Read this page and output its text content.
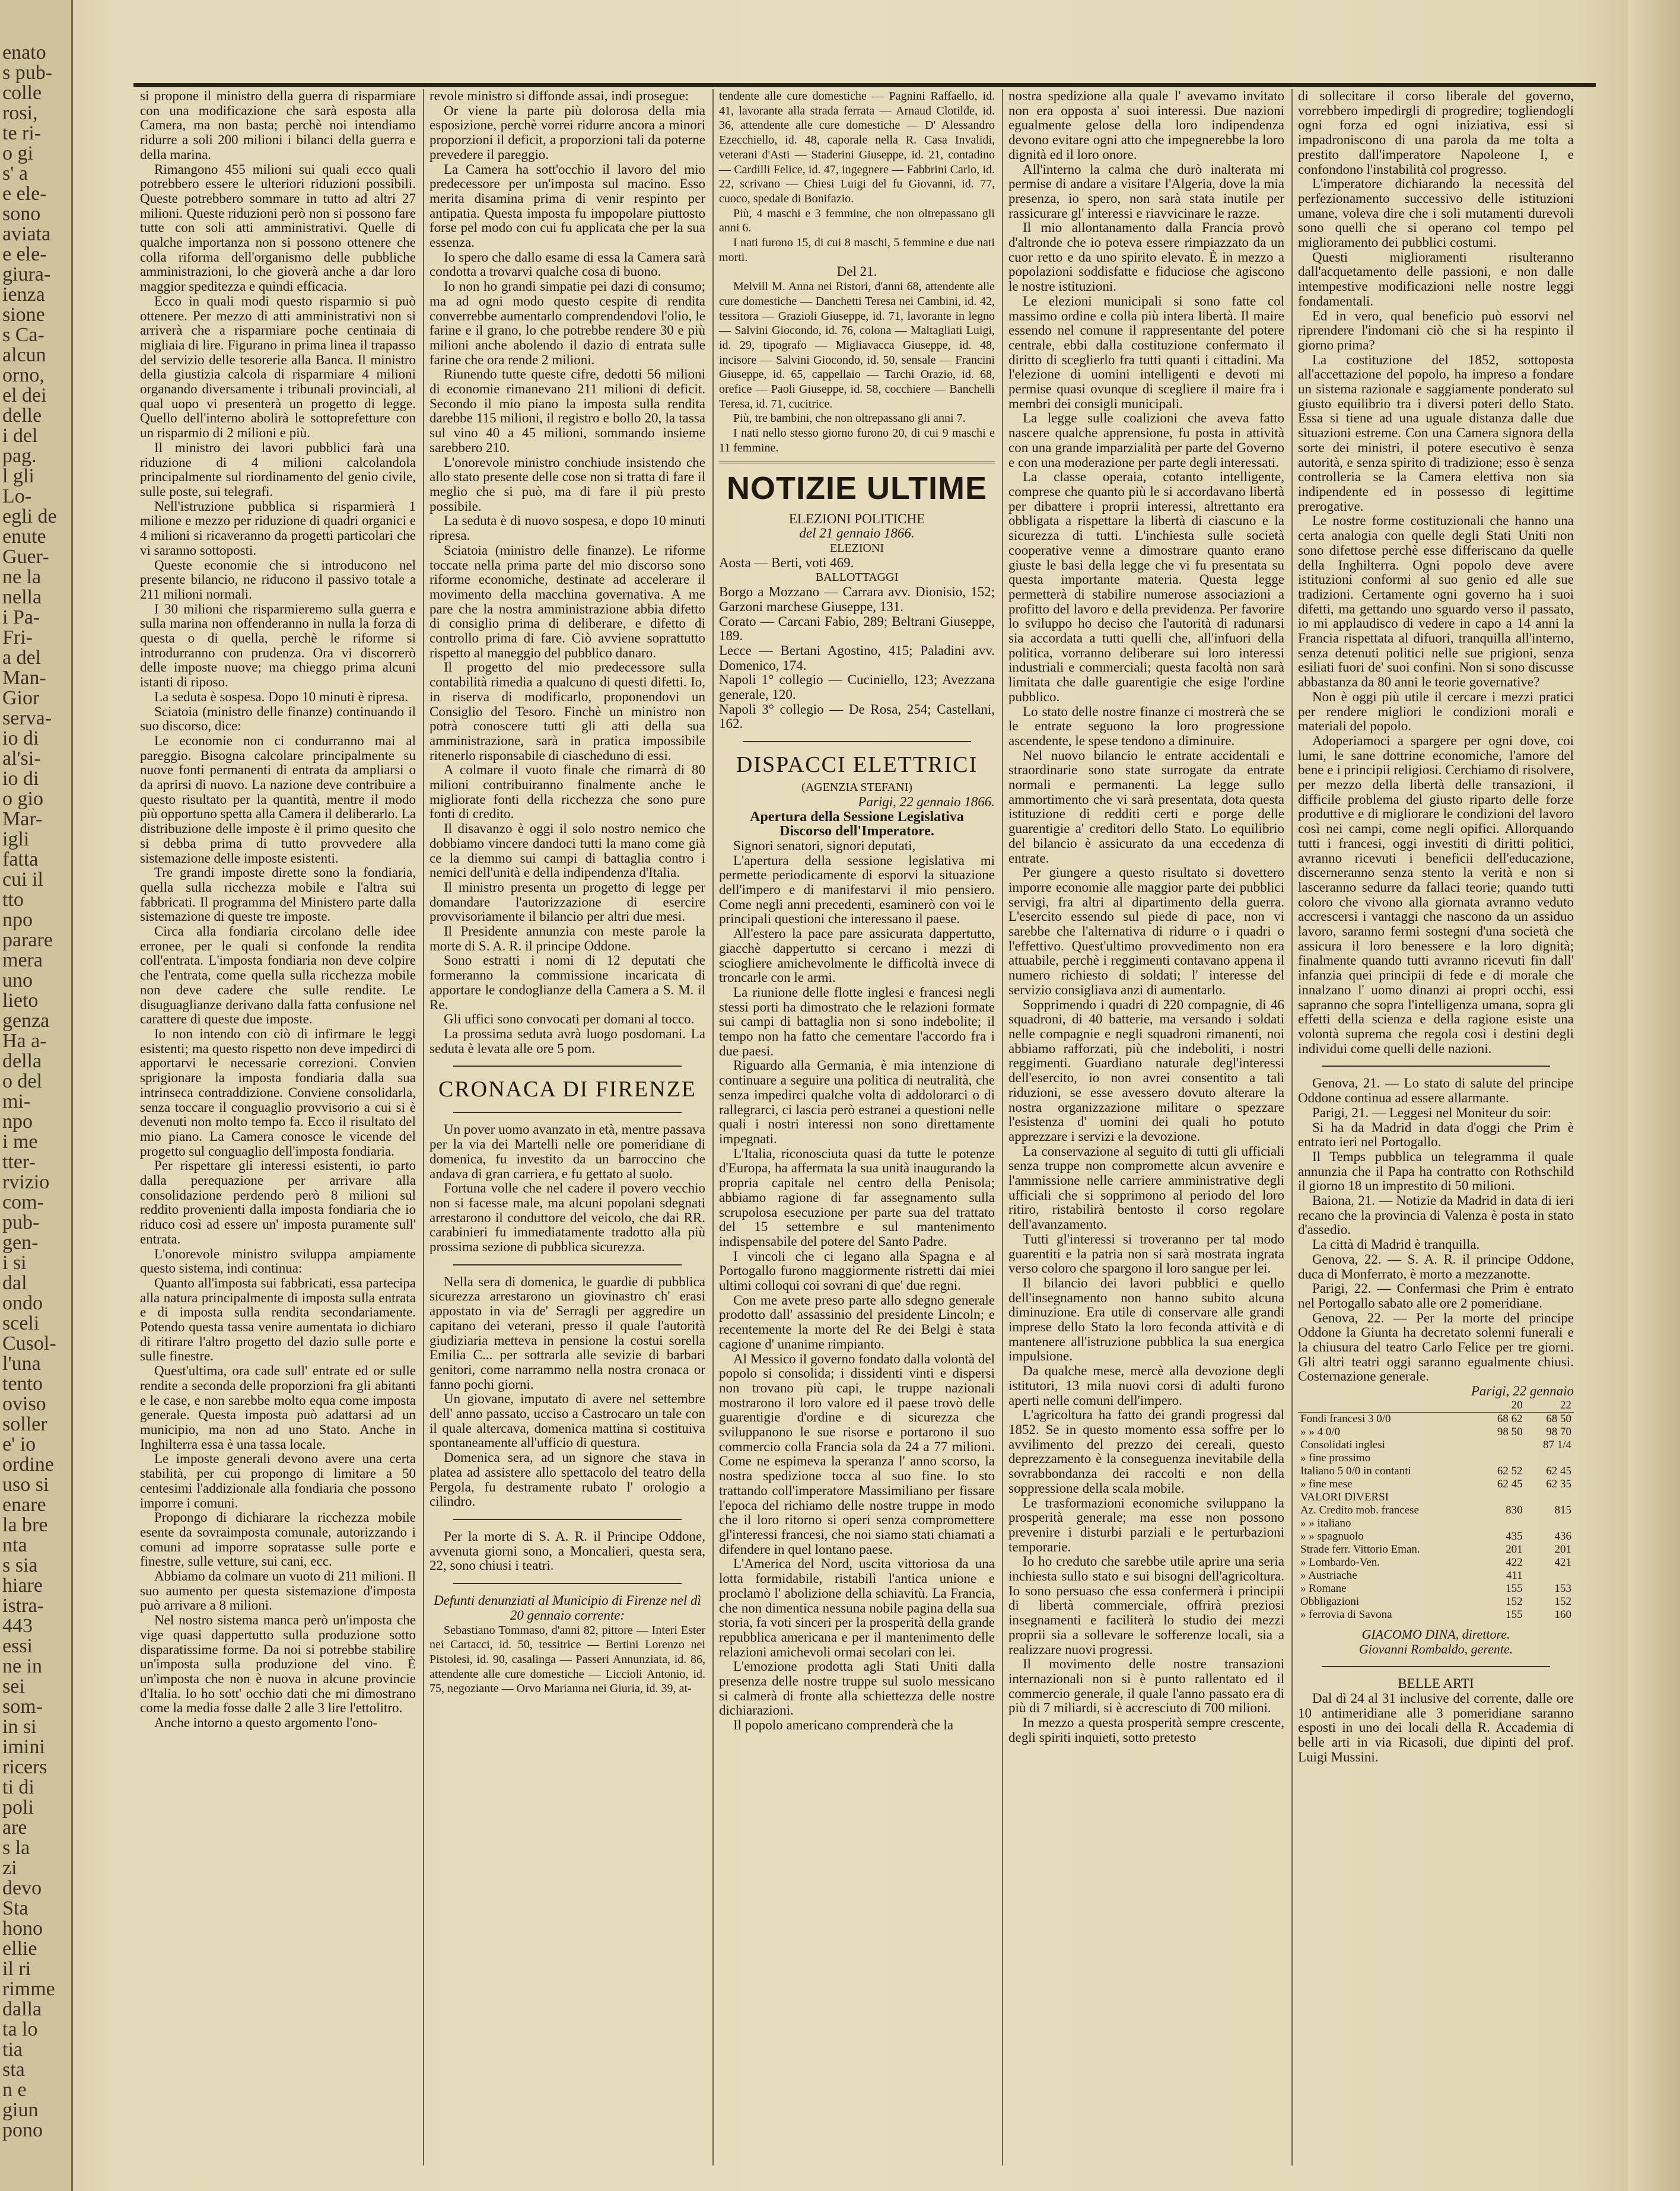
enato
s pub-
colle
rosi,
te ri-
o gi
s' a
e ele-
sono
aviata
e ele-
giura-
ienza
sione
s Ca-
alcun
orno,
el dei
delle
i del
pag.
l gli
Lo-
egli de
enute
Guer-
ne la
nella
i Pa-
Fri-
a del
Man-
Gior
serva-
io di
al'si-
io di
o gio
Mar-
igli
fatta
cui il
tto
npo
parare
mera
uno
lieto
genza
Ha a-
della
o del
mi-
npo
i me
tter-
rvizio
com-
pub-
gen-
i si
dal
ondo
sceli
Cusol-
l'una
tento
oviso
soller
e' io
ordine
uso si
enare
la bre
nta
s sia
hiare
istra-
443
essi
ne in
sei
som-
in si
imini
ricers
ti di
poli
are
s la
zi
devo
Sta
hono
ellie
il ri
rimme
dalla
ta lo
tia
sta
n e
giun
pono

si propone il ministro della guerra di risparmiare con una modificazione che sarà esposta alla Camera, ma non basta; perchè noi intendiamo ridurre a soli 200 milioni i bilanci della guerra e della marina.

Rimangono 455 milioni sui quali ecco quali potrebbero essere le ulteriori riduzioni possibili. Queste potrebbero sommare in tutto ad altri 27 milioni. Queste riduzioni però non si possono fare tutte con soli atti amministrativi. Quelle di qualche importanza non si possono ottenere che colla riforma dell'organismo delle pubbliche amministrazioni, lo che gioverà anche a dar loro maggior speditezza e quindi efficacia.

Ecco in quali modi questo risparmio si può ottenere. Per mezzo di atti amministrativi non si arriverà che a risparmiare poche centinaia di migliaia di lire. Figurano in prima linea il trapasso del servizio delle tesorerie alla Banca. Il ministro della giustizia calcola di risparmiare 4 milioni organando diversamente i tribunali provinciali, al qual uopo vi presenterà un progetto di legge. Quello dell'interno abolirà le sottoprefetture con un risparmio di 2 milioni e più.

Il ministro dei lavori pubblici farà una riduzione di 4 milioni calcolandola principalmente sul riordinamento del genio civile, sulle poste, sui telegrafi.

Nell'istruzione pubblica si risparmierà 1 milione e mezzo per riduzione di quadri organici e 4 milioni si ricaveranno da progetti particolari che vi saranno sottoposti.

Queste economie che si introducono nel presente bilancio, ne riducono il passivo totale a 211 milioni normali.

I 30 milioni che risparmieremo sulla guerra e sulla marina non offenderanno in nulla la forza di questa o di quella, perchè le riforme si introdurranno con prudenza. Ora vi discorrerò delle imposte nuove; ma chieggo prima alcuni istanti di riposo.

La seduta è sospesa. Dopo 10 minuti è ripresa.

Sciatoia (ministro delle finanze) continuando il suo discorso, dice:

Le economie non ci condurranno mai al pareggio. Bisogna calcolare principalmente su nuove fonti permanenti di entrata da ampliarsi o da aprirsi di nuovo. La nazione deve contribuire a questo risultato per la quantità, mentre il modo più opportuno spetta alla Camera il deliberarlo. La distribuzione delle imposte è il primo quesito che si debba prima di tutto provvedere alla sistemazione delle imposte esistenti.

Tre grandi imposte dirette sono la fondiaria, quella sulla ricchezza mobile e l'altra sui fabbricati. Il programma del Ministero parte dalla sistemazione di queste tre imposte.

Circa alla fondiaria circolano delle idee erronee, per le quali si confonde la rendita coll'entrata. L'imposta fondiaria non deve colpire che l'entrata, come quella sulla ricchezza mobile non deve cadere che sulle rendite. Le disuguaglianze derivano dalla fatta confusione nel carattere di queste due imposte.

Io non intendo con ciò di infirmare le leggi esistenti; ma questo rispetto non deve impedirci di apportarvi le necessarie correzioni. Convien sprigionare la imposta fondiaria dalla sua intrinseca contraddizione. Conviene consolidarla, senza toccare il conguaglio provvisorio a cui si è devenuti non molto tempo fa. Ecco il risultato del mio piano. La Camera conosce le vicende del progetto sul conguaglio dell'imposta fondiaria.

Per rispettare gli interessi esistenti, io parto dalla perequazione per arrivare alla consolidazione perdendo però 8 milioni sul reddito provenienti dalla imposta fondiaria che io riduco così ad essere un' imposta puramente sull' entrata.

L'onorevole ministro sviluppa ampiamente questo sistema, indi continua:

Quanto all'imposta sui fabbricati, essa partecipa alla natura principalmente di imposta sulla entrata e di imposta sulla rendita secondariamente. Potendo questa tassa venire aumentata io dichiaro di ritirare l'altro progetto del dazio sulle porte e sulle finestre.

Quest'ultima, ora cade sull' entrate ed or sulle rendite a seconda delle proporzioni fra gli abitanti e le case, e non sarebbe molto equa come imposta generale. Questa imposta può adattarsi ad un municipio, ma non ad uno Stato. Anche in Inghilterra essa è una tassa locale.

Le imposte generali devono avere una certa stabilità, per cui propongo di limitare a 50 centesimi l'addizionale alla fondiaria che possono imporre i comuni.

Propongo di dichiarare la ricchezza mobile esente da sovraimposta comunale, autorizzando i comuni ad imporre sopratasse sulle porte e finestre, sulle vetture, sui cani, ecc.

Abbiamo da colmare un vuoto di 211 milioni. Il suo aumento per questa sistemazione d'imposta può arrivare a 8 milioni.

Nel nostro sistema manca però un'imposta che vige quasi dappertutto sulla produzione sotto disparatissime forme. Da noi si potrebbe stabilire un'imposta sulla produzione del vino. È un'imposta che non è nuova in alcune provincie d'Italia. Io ho sott' occhio dati che mi dimostrano come la media fosse dalle 2 alle 3 lire l'ettolitro.

Anche intorno a questo argomento l'ono-

revole ministro si diffonde assai, indi prosegue:

Or viene la parte più dolorosa della mia esposizione, perchè vorrei ridurre ancora a minori proporzioni il deficit, a proporzioni tali da poterne prevedere il pareggio.

La Camera ha sott'occhio il lavoro del mio predecessore per un'imposta sul macino. Esso merita disamina prima di venir respinto per antipatia. Questa imposta fu impopolare piuttosto forse pel modo con cui fu applicata che per la sua essenza.

Io spero che dallo esame di essa la Camera sarà condotta a trovarvi qualche cosa di buono.

Io non ho grandi simpatie pei dazi di consumo; ma ad ogni modo questo cespite di rendita converrebbe aumentarlo comprendendovi l'olio, le farine e il grano, lo che potrebbe rendere 30 e più milioni anche abolendo il dazio di entrata sulle farine che ora rende 2 milioni.

Riunendo tutte queste cifre, dedotti 56 milioni di economie rimanevano 211 milioni di deficit. Secondo il mio piano la imposta sulla rendita darebbe 115 milioni, il registro e bollo 20, la tassa sul vino 40 a 45 milioni, sommando insieme sarebbero 210.

L'onorevole ministro conchiude insistendo che allo stato presente delle cose non si tratta di fare il meglio che si può, ma di fare il più presto possibile.

La seduta è di nuovo sospesa, e dopo 10 minuti ripresa.

Sciatoia (ministro delle finanze). Le riforme toccate nella prima parte del mio discorso sono riforme economiche, destinate ad accelerare il movimento della macchina governativa. A me pare che la nostra amministrazione abbia difetto di consiglio prima di deliberare, e difetto di controllo prima di fare. Ciò avviene soprattutto rispetto al maneggio del pubblico danaro.

Il progetto del mio predecessore sulla contabilità rimedia a qualcuno di questi difetti. Io, in riserva di modificarlo, proponendovi un Consiglio del Tesoro. Finchè un ministro non potrà conoscere tutti gli atti della sua amministrazione, sarà in pratica impossibile ritenerlo risponsabile di ciascheduno di essi.

A colmare il vuoto finale che rimarrà di 80 milioni contribuiranno finalmente anche le migliorate fonti della ricchezza che sono pure fonti di credito.

Il disavanzo è oggi il solo nostro nemico che dobbiamo vincere dandoci tutti la mano come già ce la diemmo sui campi di battaglia contro i nemici dell'unità e della indipendenza d'Italia.

Il ministro presenta un progetto di legge per domandare l'autorizzazione di esercire provvisoriamente il bilancio per altri due mesi.

Il Presidente annunzia con meste parole la morte di S. A. R. il principe Oddone.

Sono estratti i nomi di 12 deputati che formeranno la commissione incaricata di apportare le condoglianze della Camera a S. M. il Re.

Gli uffici sono convocati per domani al tocco.

La prossima seduta avrà luogo posdomani. La seduta è levata alle ore 5 pom.

CRONACA DI FIRENZE

Un pover uomo avanzato in età, mentre passava per la via dei Martelli nelle ore pomeridiane di domenica, fu investito da un barroccino che andava di gran carriera, e fu gettato al suolo.

Fortuna volle che nel cadere il povero vecchio non si facesse male, ma alcuni popolani sdegnati arrestarono il conduttore del veicolo, che dai RR. carabinieri fu immediatamente tradotto alla più prossima sezione di pubblica sicurezza.

Nella sera di domenica, le guardie di pubblica sicurezza arrestarono un giovinastro ch' erasi appostato in via de' Serragli per aggredire un capitano dei veterani, presso il quale l'autorità giudiziaria metteva in pensione la costui sorella Emilia C... per sottrarla alle sevizie di barbari genitori, come narrammo nella nostra cronaca or fanno pochi giorni.

Un giovane, imputato di avere nel settembre dell' anno passato, ucciso a Castrocaro un tale con il quale altercava, domenica mattina si costituiva spontaneamente all'ufficio di questura.

Domenica sera, ad un signore che stava in platea ad assistere allo spettacolo del teatro della Pergola, fu destramente rubato l' orologio a cilindro.

Per la morte di S. A. R. il Principe Oddone, avvenuta giorni sono, a Moncalieri, questa sera, 22, sono chiusi i teatri.

Defunti denunziati al Municipio di Firenze nel dì 20 gennaio corrente:

Sebastiano Tommaso, d'anni 82, pittore — Interi Ester nei Cartacci, id. 50, tessitrice — Bertini Lorenzo nei Pistolesi, id. 90, casalinga — Passeri Annunziata, id. 86, attendente alle cure domestiche — Liccioli Antonio, id. 75, negoziante — Orvo Marianna nei Giuria, id. 39, at-

tendente alle cure domestiche — Pagnini Raffaello, id. 41, lavorante alla strada ferrata — Arnaud Clotilde, id. 36, attendente alle cure domestiche — D' Alessandro Ezecchiello, id. 48, caporale nella R. Casa Invalidi, veterani d'Asti — Staderini Giuseppe, id. 21, contadino — Cardilli Felice, id. 47, ingegnere — Fabbrini Carlo, id. 22, scrivano — Chiesi Luigi del fu Giovanni, id. 77, cuoco, spedale di Bonifazio.

Più, 4 maschi e 3 femmine, che non oltrepassano gli anni 6.

I nati furono 15, di cui 8 maschi, 5 femmine e due nati morti.

Del 21.

Melvill M. Anna nei Ristori, d'anni 68, attendente alle cure domestiche — Danchetti Teresa nei Cambini, id. 42, tessitora — Grazioli Giuseppe, id. 71, lavorante in legno — Salvini Giocondo, id. 76, colona — Maltagliati Luigi, id. 29, tipografo — Migliavacca Giuseppe, id. 48, incisore — Salvini Giocondo, id. 50, sensale — Francini Giuseppe, id. 65, cappellaio — Tarchi Orazio, id. 68, orefice — Paoli Giuseppe, id. 58, cocchiere — Banchelli Teresa, id. 71, cucitrice.

Più, tre bambini, che non oltrepassano gli anni 7.

I nati nello stesso giorno furono 20, di cui 9 maschi e 11 femmine.

NOTIZIE ULTIME

ELEZIONI POLITICHE

del 21 gennaio 1866.

ELEZIONI

Aosta — Berti, voti 469.

BALLOTTAGGI

Borgo a Mozzano — Carrara avv. Dionisio, 152; Garzoni marchese Giuseppe, 131.

Corato — Carcani Fabio, 289; Beltrani Giuseppe, 189.

Lecce — Bertani Agostino, 415; Paladini avv. Domenico, 174.

Napoli 1° collegio — Cuciniello, 123; Avezzana generale, 120.

Napoli 3° collegio — De Rosa, 254; Castellani, 162.

DISPACCI ELETTRICI

(AGENZIA STEFANI)

Parigi, 22 gennaio 1866.

Apertura della Sessione Legislativa

Discorso dell'Imperatore.

Signori senatori, signori deputati,

L'apertura della sessione legislativa mi permette periodicamente di esporvi la situazione dell'impero e di manifestarvi il mio pensiero. Come negli anni precedenti, esaminerò con voi le principali questioni che interessano il paese.

All'estero la pace pare assicurata dappertutto, giacchè dappertutto si cercano i mezzi di sciogliere amichevolmente le difficoltà invece di troncarle con le armi.

La riunione delle flotte inglesi e francesi negli stessi porti ha dimostrato che le relazioni formate sui campi di battaglia non si sono indebolite; il tempo non ha fatto che cementare l'accordo fra i due paesi.

Riguardo alla Germania, è mia intenzione di continuare a seguire una politica di neutralità, che senza impedirci qualche volta di addolorarci o di rallegrarci, ci lascia però estranei a questioni nelle quali i nostri interessi non sono direttamente impegnati.

L'Italia, riconosciuta quasi da tutte le potenze d'Europa, ha affermata la sua unità inaugurando la propria capitale nel centro della Penisola; abbiamo ragione di far assegnamento sulla scrupolosa esecuzione per parte sua del trattato del 15 settembre e sul mantenimento indispensabile del potere del Santo Padre.

I vincoli che ci legano alla Spagna e al Portogallo furono maggiormente ristretti dai miei ultimi colloqui coi sovrani di que' due regni.

Con me avete preso parte allo sdegno generale prodotto dall' assassinio del presidente Lincoln; e recentemente la morte del Re dei Belgi è stata cagione d' unanime rimpianto.

Al Messico il governo fondato dalla volontà del popolo si consolida; i dissidenti vinti e dispersi non trovano più capi, le truppe nazionali mostrarono il loro valore ed il paese trovò delle guarentigie d'ordine e di sicurezza che sviluppanono le sue risorse e portarono il suo commercio colla Francia sola da 24 a 77 milioni. Come ne espimeva la speranza l' anno scorso, la nostra spedizione tocca al suo fine. Io sto trattando coll'imperatore Massimiliano per fissare l'epoca del richiamo delle nostre truppe in modo che il loro ritorno si operi senza compromettere gl'interessi francesi, che noi siamo stati chiamati a difendere in quel lontano paese.

L'America del Nord, uscita vittoriosa da una lotta formidabile, ristabilì l'antica unione e proclamò l' abolizione della schiavitù. La Francia, che non dimentica nessuna nobile pagina della sua storia, fa voti sinceri per la prosperità della grande repubblica americana e per il mantenimento delle relazioni amichevoli ormai secolari con lei.

L'emozione prodotta agli Stati Uniti dalla presenza delle nostre truppe sul suolo messicano si calmerà di fronte alla schiettezza delle nostre dichiarazioni.

Il popolo americano comprenderà che la

nostra spedizione alla quale l' avevamo invitato non era opposta a' suoi interessi. Due nazioni egualmente gelose della loro indipendenza devono evitare ogni atto che impegnerebbe la loro dignità ed il loro onore.

All'interno la calma che durò inalterata mi permise di andare a visitare l'Algeria, dove la mia presenza, io spero, non sarà stata inutile per rassicurare gl' interessi e riavvicinare le razze.

Il mio allontanamento dalla Francia provò d'altronde che io poteva essere rimpiazzato da un cuor retto e da uno spirito elevato. È in mezzo a popolazioni soddisfatte e fiduciose che agiscono le nostre istituzioni.

Le elezioni municipali si sono fatte col massimo ordine e colla più intera libertà. Il maire essendo nel comune il rappresentante del potere centrale, ebbi dalla costituzione confermato il diritto di sceglierlo fra tutti quanti i cittadini. Ma l'elezione di uomini intelligenti e devoti mi permise quasi ovunque di scegliere il maire fra i membri dei consigli municipali.

La legge sulle coalizioni che aveva fatto nascere qualche apprensione, fu posta in attività con una grande imparzialità per parte del Governo e con una moderazione per parte degli interessati.

La classe operaia, cotanto intelligente, comprese che quanto più le si accordavano libertà per dibattere i proprii interessi, altrettanto era obbligata a rispettare la libertà di ciascuno e la sicurezza di tutti. L'inchiesta sulle società cooperative venne a dimostrare quanto erano giuste le basi della legge che vi fu presentata su questa importante materia. Questa legge permetterà di stabilire numerose associazioni a profitto del lavoro e della previdenza. Per favorire lo sviluppo ho deciso che l'autorità di radunarsi sia accordata a tutti quelli che, all'infuori della politica, vorranno deliberare sui loro interessi industriali e commerciali; questa facoltà non sarà limitata che dalle guarentigie che esige l'ordine pubblico.

Lo stato delle nostre finanze ci mostrerà che se le entrate seguono la loro progressione ascendente, le spese tendono a diminuire.

Nel nuovo bilancio le entrate accidentali e straordinarie sono state surrogate da entrate normali e permanenti. La legge sullo ammortimento che vi sarà presentata, dota questa istituzione di redditi certi e porge delle guarentigie a' creditori dello Stato. Lo equilibrio del bilancio è assicurato da una eccedenza di entrate.

Per giungere a questo risultato si dovettero imporre economie alle maggior parte dei pubblici servigi, fra altri al dipartimento della guerra. L'esercito essendo sul piede di pace, non vi sarebbe che l'alternativa di ridurre o i quadri o l'effettivo. Quest'ultimo provvedimento non era attuabile, perchè i reggimenti contavano appena il numero richiesto di soldati; l' interesse del servizio consigliava anzi di aumentarlo.

Sopprimendo i quadri di 220 compagnie, di 46 squadroni, di 40 batterie, ma versando i soldati nelle compagnie e negli squadroni rimanenti, noi abbiamo rafforzati, più che indeboliti, i nostri reggimenti. Guardiano naturale degl'interessi dell'esercito, io non avrei consentito a tali riduzioni, se esse avessero dovuto alterare la nostra organizzazione militare o spezzare l'esistenza d' uomini dei quali ho potuto apprezzare i servizi e la devozione.

La conservazione al seguito di tutti gli ufficiali senza truppe non compromette alcun avvenire e l'ammissione nelle carriere amministrative degli ufficiali che si sopprimono al periodo del loro ritiro, ristabilirà bentosto il corso regolare dell'avanzamento.

Tutti gl'interessi si troveranno per tal modo guarentiti e la patria non si sarà mostrata ingrata verso coloro che spargono il loro sangue per lei.

Il bilancio dei lavori pubblici e quello dell'insegnamento non hanno subito alcuna diminuzione. Era utile di conservare alle grandi imprese dello Stato la loro feconda attività e di mantenere all'istruzione pubblica la sua energica impulsione.

Da qualche mese, mercè alla devozione degli istitutori, 13 mila nuovi corsi di adulti furono aperti nelle comuni dell'impero.

L'agricoltura ha fatto dei grandi progressi dal 1852. Se in questo momento essa soffre per lo avvilimento del prezzo dei cereali, questo deprezzamento è la conseguenza inevitabile della sovrabbondanza dei raccolti e non della soppressione della scala mobile.

Le trasformazioni economiche sviluppano la prosperità generale; ma esse non possono prevenire i disturbi parziali e le perturbazioni temporarie.

Io ho creduto che sarebbe utile aprire una seria inchiesta sullo stato e sui bisogni dell'agricoltura. Io sono persuaso che essa confermerà i principii di libertà commerciale, offrirà preziosi insegnamenti e faciliterà lo studio dei mezzi proprii sia a sollevare le sofferenze locali, sia a realizzare nuovi progressi.

Il movimento delle nostre transazioni internazionali non si è punto rallentato ed il commercio generale, il quale l'anno passato era di più di 7 miliardi, si è accresciuto di 700 milioni.

In mezzo a questa prosperità sempre crescente, degli spiriti inquieti, sotto pretesto

di sollecitare il corso liberale del governo, vorrebbero impedirgli di progredire; togliendogli ogni forza ed ogni iniziativa, essi si impadroniscono di una parola da me tolta a prestito dall'imperatore Napoleone I, e confondono l'instabilità col progresso.

L'imperatore dichiarando la necessità del perfezionamento successivo delle istituzioni umane, voleva dire che i soli mutamenti durevoli sono quelli che si operano col tempo pel miglioramento dei pubblici costumi.

Questi miglioramenti risulteranno dall'acquetamento delle passioni, e non dalle intempestive modificazioni nelle nostre leggi fondamentali.

Ed in vero, qual beneficio può essorvi nel riprendere l'indomani ciò che si ha respinto il giorno prima?

La costituzione del 1852, sottoposta all'accettazione del popolo, ha impreso a fondare un sistema razionale e saggiamente ponderato sul giusto equilibrio tra i diversi poteri dello Stato. Essa si tiene ad una uguale distanza dalle due situazioni estreme. Con una Camera signora della sorte dei ministri, il potere esecutivo è senza autorità, e senza spirito di tradizione; esso è senza controlleria se la Camera elettiva non sia indipendente ed in possesso di legittime prerogative.

Le nostre forme costituzionali che hanno una certa analogia con quelle degli Stati Uniti non sono difettose perchè esse differiscano da quelle della Inghilterra. Ogni popolo deve avere istituzioni conformi al suo genio ed alle sue tradizioni. Certamente ogni governo ha i suoi difetti, ma gettando uno sguardo verso il passato, io mi applaudisco di vedere in capo a 14 anni la Francia rispettata al difuori, tranquilla all'interno, senza detenuti politici nelle sue prigioni, senza esiliati fuori de' suoi confini. Non si sono discusse abbastanza da 80 anni le teorie governative?

Non è oggi più utile il cercare i mezzi pratici per rendere migliori le condizioni morali e materiali del popolo.

Adoperiamoci a spargere per ogni dove, coi lumi, le sane dottrine economiche, l'amore del bene e i principii religiosi. Cerchiamo di risolvere, per mezzo della libertà delle transazioni, il difficile problema del giusto riparto delle forze produttive e di migliorare le condizioni del lavoro così nei campi, come negli opifici. Allorquando tutti i francesi, oggi investiti di diritti politici, avranno ricevuti i beneficii dell'educazione, discerneranno senza stento la verità e non si lasceranno sedurre da fallaci teorie; quando tutti coloro che vivono alla giornata avranno veduto accrescersi i vantaggi che nascono da un assiduo lavoro, saranno fermi sostegni d'una società che assicura il loro benessere e la loro dignità; finalmente quando tutti avranno ricevuti fin dall' infanzia quei principii di fede e di morale che innalzano l' uomo dinanzi ai propri occhi, essi sapranno che sopra l'intelligenza umana, sopra gli effetti della scienza e della ragione esiste una volontà suprema che regola così i destini degli individui come quelli delle nazioni.

Genova, 21. — Lo stato di salute del principe Oddone continua ad essere allarmante.

Parigi, 21. — Leggesi nel Moniteur du soir:

Si ha da Madrid in data d'oggi che Prim è entrato ieri nel Portogallo.

Il Temps pubblica un telegramma il quale annunzia che il Papa ha contratto con Rothschild il giorno 18 un imprestito di 50 milioni.

Baiona, 21. — Notizie da Madrid in data di ieri recano che la provincia di Valenza è posta in stato d'assedio.

La città di Madrid è tranquilla.

Genova, 22. — S. A. R. il principe Oddone, duca di Monferrato, è morto a mezzanotte.

Parigi, 22. — Confermasi che Prim è entrato nel Portogallo sabato alle ore 2 pomeridiane.

Genova, 22. — Per la morte del principe Oddone la Giunta ha decretato solenni funerali e la chiusura del teatro Carlo Felice per tre giorni. Gli altri teatri oggi saranno egualmente chiusi. Costernazione generale.

Parigi, 22 gennaio

	20	22
Fondi francesi 3 0/0	68 62	68 50
» » 4 0/0	98 50	98 70
Consolidati inglesi		87 1/4
» fine prossimo		
Italiano 5 0/0 in contanti	62 52	62 45
» fine mese	62 45	62 35
VALORI DIVERSI		
Az. Credito mob. francese	830	815
» » italiano		
» » spagnuolo	435	436
Strade ferr. Vittorio Eman.	201	201
» Lombardo-Ven.	422	421
» Austriache	411	
» Romane	155	153
Obbligazioni	152	152
» ferrovia di Savona	155	160
GIACOMO DINA, direttore.
Giovanni Rombaldo, gerente.

BELLE ARTI

Dal dì 24 al 31 inclusive del corrente, dalle ore 10 antimeridiane alle 3 pomeridiane saranno esposti in uno dei locali della R. Accademia di belle arti in via Ricasoli, due dipinti del prof. Luigi Mussini.
